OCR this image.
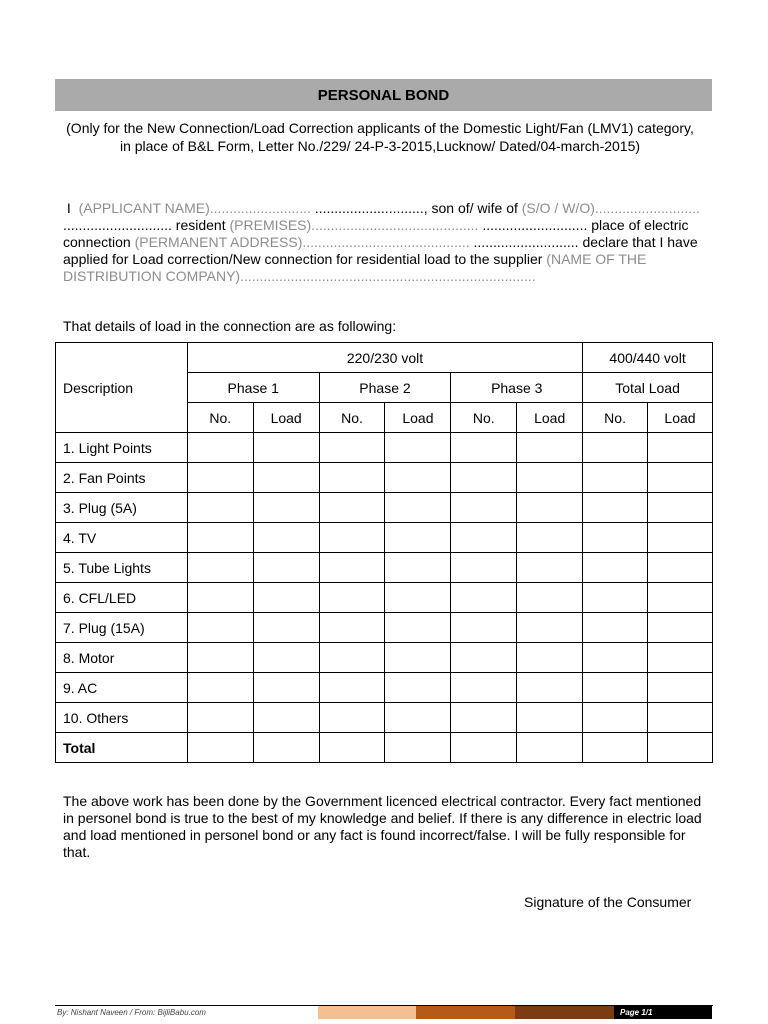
PERSONAL BOND
(Only for the New Connection/Load Correction applicants of the Domestic Light/Fan (LMV1) category, in place of B&L Form, Letter No./229/ 24-P-3-2015,Lucknow/ Dated/04-march-2015)
I (APPLICANT NAME).......................... ............................, son of/ wife of (S/O / W/O)........................... ............................ resident (PREMISES)........................................... ........................... place of electric connection (PERMANENT ADDRESS)........................................... ........................... declare that I have applied for Load correction/New connection for residential load to the supplier (NAME OF THE DISTRIBUTION COMPANY)............................................................................
That details of load in the connection are as following:
Description	220/230 volt						400/440 volt	
	Phase 1		Phase 2		Phase 3		Total Load	
	No.	Load	No.	Load	No.	Load	No.	Load
1. Light Points								
2. Fan Points								
3. Plug (5A)								
4. TV								
5. Tube Lights								
6. CFL/LED								
7. Plug (15A)								
8. Motor								
9. AC								
10. Others								
Total								
The above work has been done by the Government licenced electrical contractor. Every fact mentioned in personel bond is true to the best of my knowledge and belief. If there is any difference in electric load and load mentioned in personel bond or any fact is found incorrect/false. I will be fully responsible for that.
Signature of the Consumer
By: Nishant Naveen / From: BijliBabu.com	Page 1/1
